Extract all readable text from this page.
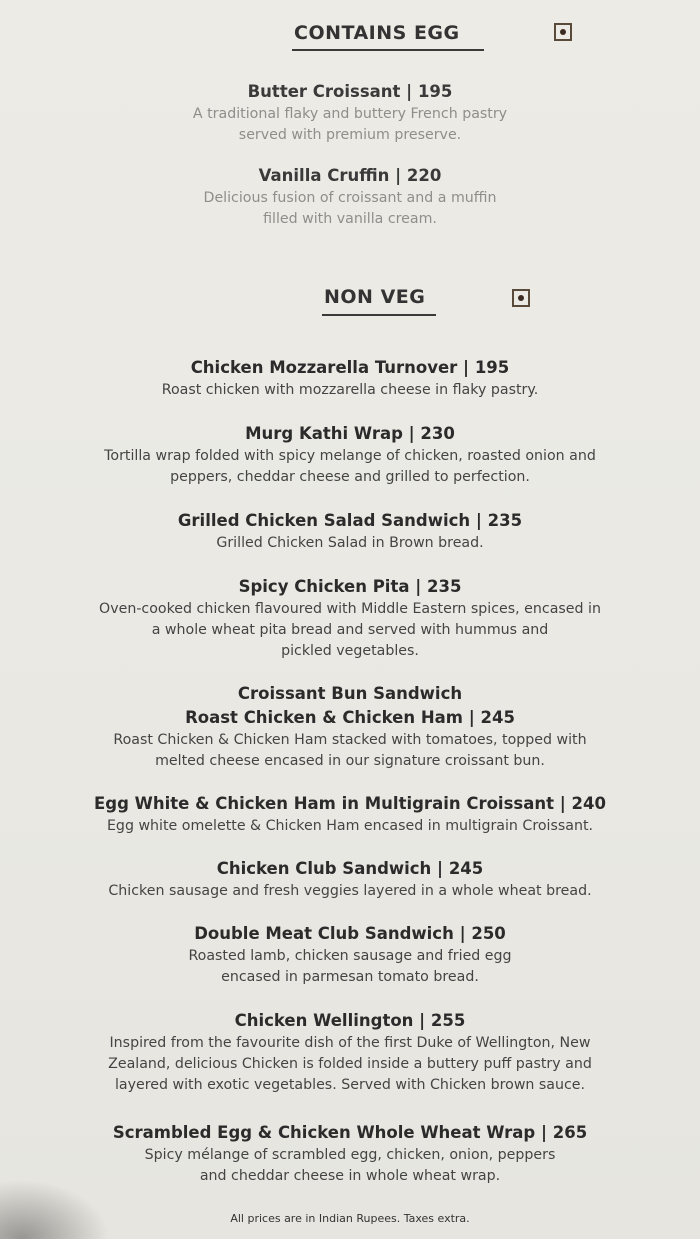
CONTAINS EGG
Butter Croissant | 195
A traditional flaky and buttery French pastry
served with premium preserve.
Vanilla Cruffin | 220
Delicious fusion of croissant and a muffin
filled with vanilla cream.
NON VEG
Chicken Mozzarella Turnover | 195
Roast chicken with mozzarella cheese in flaky pastry.
Murg Kathi Wrap | 230
Tortilla wrap folded with spicy melange of chicken, roasted onion and
peppers, cheddar cheese and grilled to perfection.
Grilled Chicken Salad Sandwich | 235
Grilled Chicken Salad in Brown bread.
Spicy Chicken Pita | 235
Oven-cooked chicken flavoured with Middle Eastern spices, encased in
a whole wheat pita bread and served with hummus and
pickled vegetables.
Croissant Bun Sandwich
Roast Chicken & Chicken Ham | 245
Roast Chicken & Chicken Ham stacked with tomatoes, topped with
melted cheese encased in our signature croissant bun.
Egg White & Chicken Ham in Multigrain Croissant | 240
Egg white omelette & Chicken Ham encased in multigrain Croissant.
Chicken Club Sandwich | 245
Chicken sausage and fresh veggies layered in a whole wheat bread.
Double Meat Club Sandwich | 250
Roasted lamb, chicken sausage and fried egg
encased in parmesan tomato bread.
Chicken Wellington | 255
Inspired from the favourite dish of the first Duke of Wellington, New
Zealand, delicious Chicken is folded inside a buttery puff pastry and
layered with exotic vegetables. Served with Chicken brown sauce.
Scrambled Egg & Chicken Whole Wheat Wrap | 265
Spicy mélange of scrambled egg, chicken, onion, peppers
and cheddar cheese in whole wheat wrap.
All prices are in Indian Rupees. Taxes extra.
